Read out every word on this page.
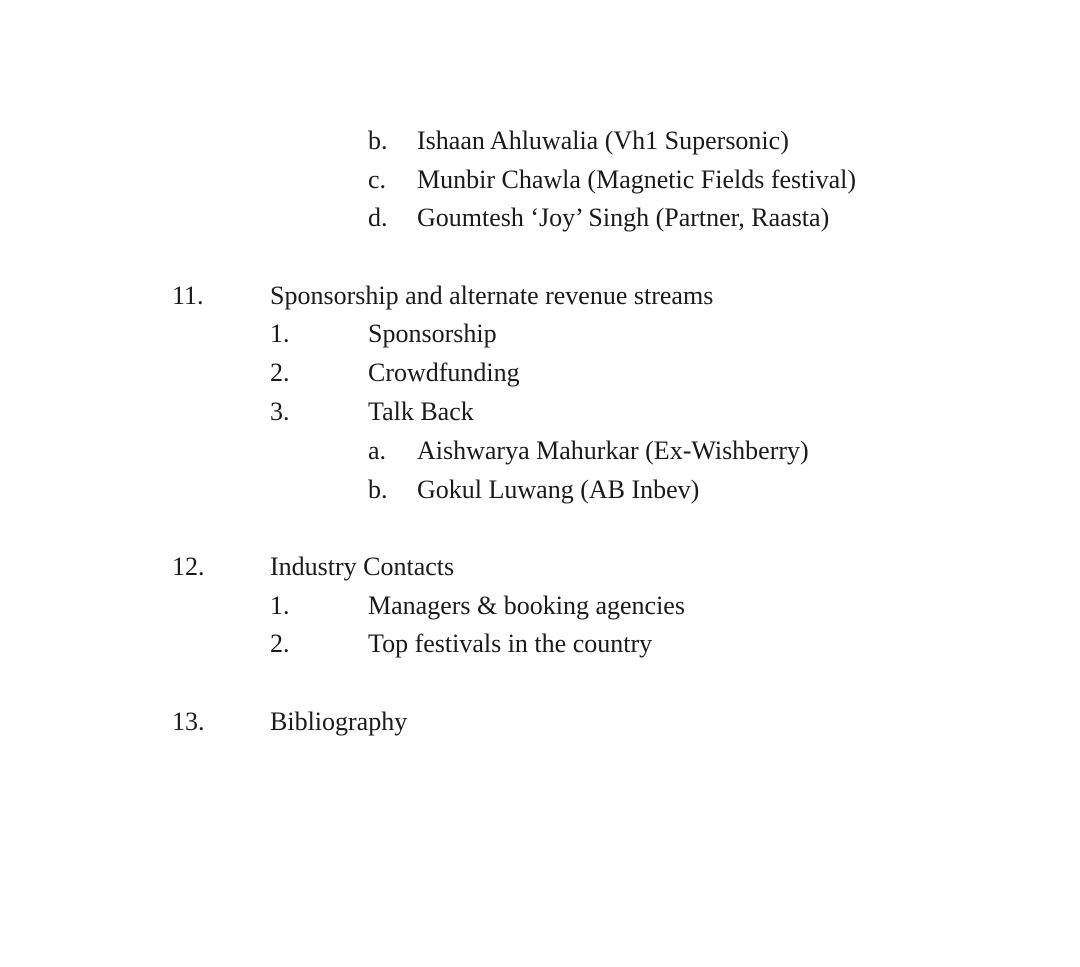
b. Ishaan Ahluwalia (Vh1 Supersonic)
c. Munbir Chawla (Magnetic Fields festival)
d. Goumtesh ‘Joy’ Singh (Partner, Raasta)
11.	Sponsorship and alternate revenue streams
1.	Sponsorship
2.	Crowdfunding
3.	Talk Back
a. Aishwarya Mahurkar (Ex-Wishberry)
b. Gokul Luwang (AB Inbev)
12.	Industry Contacts
1.	Managers & booking agencies
2.	Top festivals in the country
13.	Bibliography
